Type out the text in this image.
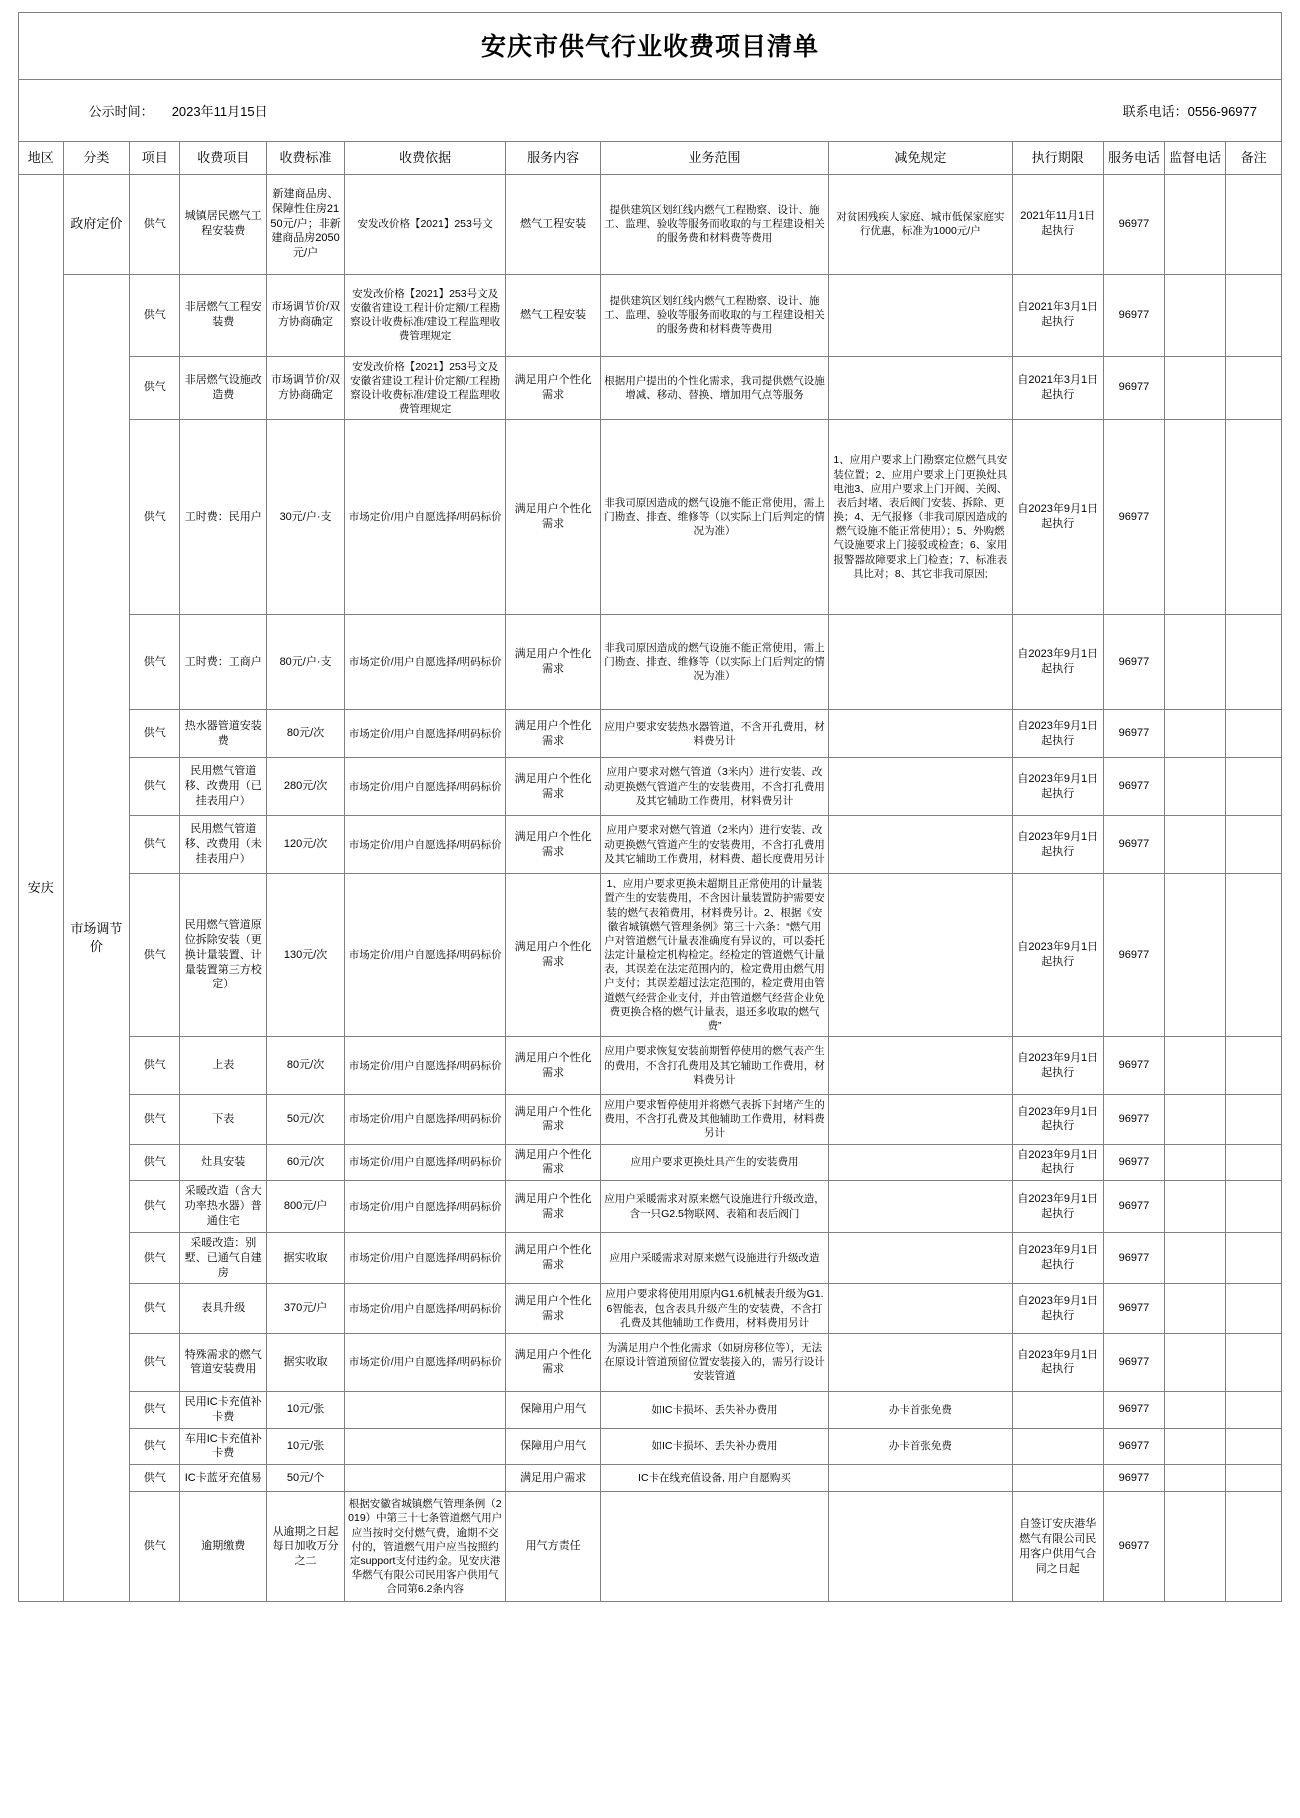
安庆市供气行业收费项目清单

公示时间： 2023年11月15日
	联系电话：0556-96977
地区	分类	项目	收费项目	收费标准	收费依据	服务内容	业务范围	减免规定	执行期限	服务电话	监督电话	备注
安庆	政府定价	供气	城镇居民燃气工程安装费	新建商品房、保障性住房2150元/户；非新建商品房2050元/户	安发改价格【2021】253号文	燃气工程安装	提供建筑区划红线内燃气工程勘察、设计、施工、监理、验收等服务而收取的与工程建设相关的服务费和材料费等费用	对贫困残疾人家庭、城市低保家庭实行优惠，标准为1000元/户	2021年11月1日起执行	96977		
	市场调节价	供气	非居燃气工程安装费	市场调节价/双方协商确定	安发改价格【2021】253号文及安徽省建设工程计价定额/工程勘察设计收费标准/建设工程监理收费管理规定	燃气工程安装	提供建筑区划红线内燃气工程勘察、设计、施工、监理、验收等服务而收取的与工程建设相关的服务费和材料费等费用		自2021年3月1日起执行	96977		
		供气	非居燃气设施改造费	市场调节价/双方协商确定	安发改价格【2021】253号文及安徽省建设工程计价定额/工程勘察设计收费标准/建设工程监理收费管理规定	满足用户个性化需求	根据用户提出的个性化需求，我司提供燃气设施增减、移动、替换、增加用气点等服务		自2021年3月1日起执行	96977		
		供气	工时费：民用户	30元/户·支	市场定价/用户自愿选择/明码标价	满足用户个性化需求	非我司原因造成的燃气设施不能正常使用，需上门勘查、排查、维修等（以实际上门后判定的情况为准）	1、应用户要求上门勘察定位燃气具安装位置；2、应用户要求上门更换灶具电池3、应用户要求上门开阀、关阀、表后封堵、表后阀门安装、拆除、更换；4、无气报修（非我司原因造成的燃气设施不能正常使用）；5、外购燃气设施要求上门接驳或检查；6、家用报警器故障要求上门检查；7、标准表具比对；8、其它非我司原因;	自2023年9月1日起执行	96977		
		供气	工时费：工商户	80元/户·支	市场定价/用户自愿选择/明码标价	满足用户个性化需求	非我司原因造成的燃气设施不能正常使用，需上门勘查、排查、维修等（以实际上门后判定的情况为准）		自2023年9月1日起执行	96977		
		供气	热水器管道安装费	80元/次	市场定价/用户自愿选择/明码标价	满足用户个性化需求	应用户要求安装热水器管道，不含开孔费用，材料费另计		自2023年9月1日起执行	96977		
		供气	民用燃气管道移、改费用（已挂表用户）	280元/次	市场定价/用户自愿选择/明码标价	满足用户个性化需求	应用户要求对燃气管道（3米内）进行安装、改动更换燃气管道产生的安装费用，不含打孔费用及其它辅助工作费用，材料费另计		自2023年9月1日起执行	96977		
		供气	民用燃气管道移、改费用（未挂表用户）	120元/次	市场定价/用户自愿选择/明码标价	满足用户个性化需求	应用户要求对燃气管道（2米内）进行安装、改动更换燃气管道产生的安装费用，不含打孔费用及其它辅助工作费用，材料费、超长度费用另计		自2023年9月1日起执行	96977		
		供气	民用燃气管道原位拆除安装（更换计量装置、计量装置第三方校定）	130元/次	市场定价/用户自愿选择/明码标价	满足用户个性化需求	1、应用户要求更换未超期且正常使用的计量装置产生的安装费用，不含因计量装置防护需要安装的燃气表箱费用，材料费另计。2、根据《安徽省城镇燃气管理条例》第三十六条：“燃气用户对管道燃气计量表准确度有异议的，可以委托法定计量检定机构检定。经检定的管道燃气计量表，其误差在法定范围内的，检定费用由燃气用户支付；其误差超过法定范围的，检定费用由管道燃气经营企业支付，并由管道燃气经营企业免费更换合格的燃气计量表，退还多收取的燃气费”		自2023年9月1日起执行	96977		
		供气	上表	80元/次	市场定价/用户自愿选择/明码标价	满足用户个性化需求	应用户要求恢复安装前期暂停使用的燃气表产生的费用，不含打孔费用及其它辅助工作费用，材料费另计		自2023年9月1日起执行	96977		
		供气	下表	50元/次	市场定价/用户自愿选择/明码标价	满足用户个性化需求	应用户要求暂停使用并将燃气表拆下封堵产生的费用，不含打孔费及其他辅助工作费用，材料费另计		自2023年9月1日起执行	96977		
		供气	灶具安装	60元/次	市场定价/用户自愿选择/明码标价	满足用户个性化需求	应用户要求更换灶具产生的安装费用		自2023年9月1日起执行	96977		
		供气	采暖改造（含大功率热水器）普通住宅	800元/户	市场定价/用户自愿选择/明码标价	满足用户个性化需求	应用户采暖需求对原来燃气设施进行升级改造，含一只G2.5物联网、表箱和表后阀门		自2023年9月1日起执行	96977		
		供气	采暖改造：别墅、已通气自建房	据实收取	市场定价/用户自愿选择/明码标价	满足用户个性化需求	应用户采暖需求对原来燃气设施进行升级改造		自2023年9月1日起执行	96977		
		供气	表具升级	370元/户	市场定价/用户自愿选择/明码标价	满足用户个性化需求	应用户要求将使用用原内G1.6机械表升级为G1.6智能表，包含表具升级产生的安装费，不含打孔费及其他辅助工作费用，材料费用另计		自2023年9月1日起执行	96977		
		供气	特殊需求的燃气管道安装费用	据实收取	市场定价/用户自愿选择/明码标价	满足用户个性化需求	为满足用户个性化需求（如厨房移位等），无法在原设计管道预留位置安装接入的，需另行设计安装管道		自2023年9月1日起执行	96977		
		供气	民用IC卡充值补卡费	10元/张		保障用户用气	如IC卡损坏、丢失补办费用	办卡首张免费		96977		
		供气	车用IC卡充值补卡费	10元/张		保障用户用气	如IC卡损坏、丢失补办费用	办卡首张免费		96977		
		供气	IC卡蓝牙充值易	50元/个		满足用户需求	IC卡在线充值设备, 用户自愿购买			96977		
		供气	逾期缴费	从逾期之日起每日加收万分之二	根据安徽省城镇燃气管理条例（2019）中第三十七条管道燃气用户应当按时交付燃气费，逾期不交付的，管道燃气用户应当按照约定support支付违约金。见安庆港华燃气有限公司民用客户供用气合同第6.2条内容	用气方责任			自签订安庆港华燃气有限公司民用客户供用气合同之日起	96977		
